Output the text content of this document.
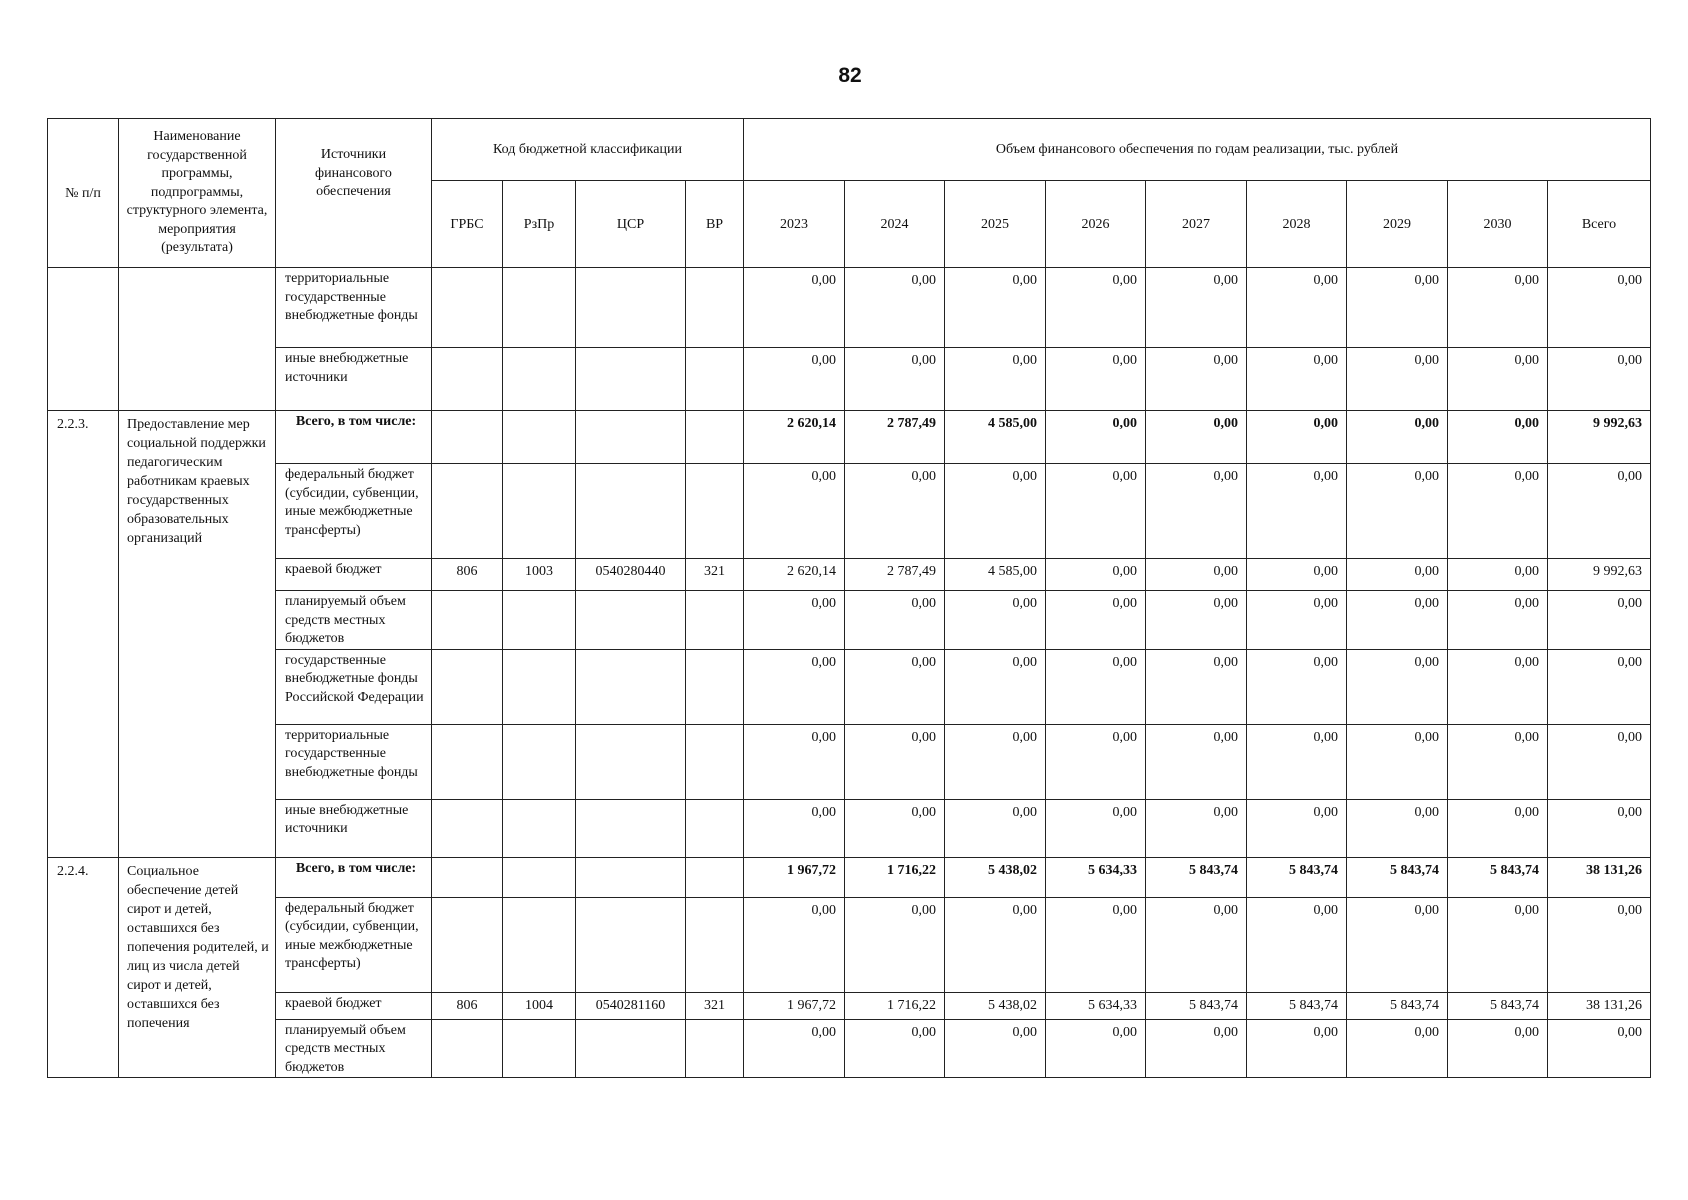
82
№ п/п	Наименование государственной программы, подпрограммы, структурного элемента, мероприятия (результата)	Источники финансового обеспечения	Код бюджетной классификации				Объем финансового обеспечения по годам реализации, тыс. рублей								
			ГРБС	РзПр	ЦСР	ВР	2023	2024	2025	2026	2027	2028	2029	2030	Всего
		территориальные государственные внебюджетные фонды					0,00	0,00	0,00	0,00	0,00	0,00	0,00	0,00	0,00
		иные внебюджетные источники					0,00	0,00	0,00	0,00	0,00	0,00	0,00	0,00	0,00
2.2.3.	Предоставление мер социальной поддержки педагогическим работникам краевых государственных образовательных организаций	Всего, в том числе:					2 620,14	2 787,49	4 585,00	0,00	0,00	0,00	0,00	0,00	9 992,63
		федеральный бюджет (субсидии, субвенции, иные межбюджетные трансферты)					0,00	0,00	0,00	0,00	0,00	0,00	0,00	0,00	0,00
		краевой бюджет	806	1003	0540280440	321	2 620,14	2 787,49	4 585,00	0,00	0,00	0,00	0,00	0,00	9 992,63
		планируемый объем средств местных бюджетов					0,00	0,00	0,00	0,00	0,00	0,00	0,00	0,00	0,00
		государственные внебюджетные фонды Российской Федерации					0,00	0,00	0,00	0,00	0,00	0,00	0,00	0,00	0,00
		территориальные государственные внебюджетные фонды					0,00	0,00	0,00	0,00	0,00	0,00	0,00	0,00	0,00
		иные внебюджетные источники					0,00	0,00	0,00	0,00	0,00	0,00	0,00	0,00	0,00
2.2.4.	Социальное обеспечение детей сирот и детей, оставшихся без попечения родителей, и лиц из числа детей сирот и детей, оставшихся без попечения	Всего, в том числе:					1 967,72	1 716,22	5 438,02	5 634,33	5 843,74	5 843,74	5 843,74	5 843,74	38 131,26
		федеральный бюджет (субсидии, субвенции, иные межбюджетные трансферты)					0,00	0,00	0,00	0,00	0,00	0,00	0,00	0,00	0,00
		краевой бюджет	806	1004	0540281160	321	1 967,72	1 716,22	5 438,02	5 634,33	5 843,74	5 843,74	5 843,74	5 843,74	38 131,26
		планируемый объем средств местных бюджетов					0,00	0,00	0,00	0,00	0,00	0,00	0,00	0,00	0,00
